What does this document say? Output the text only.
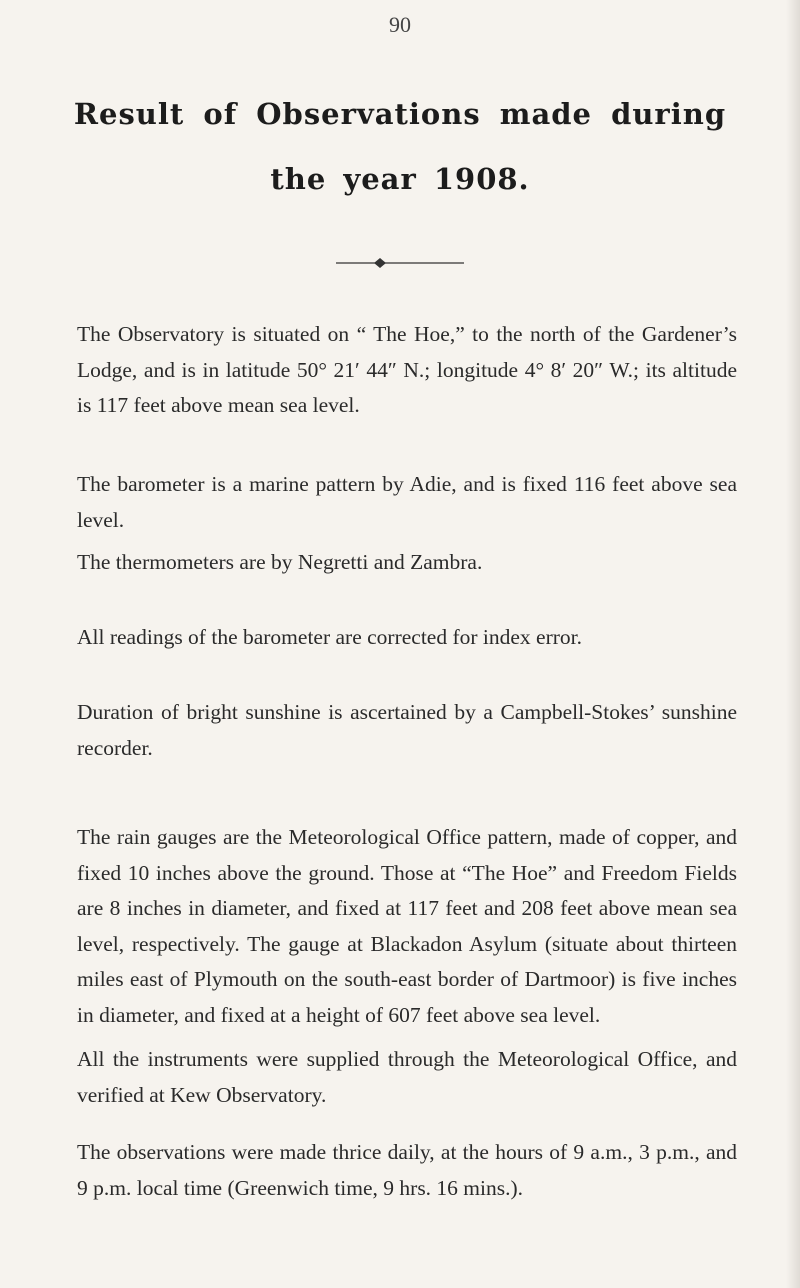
90
Result of Observations made during
the year 1908.

The Observatory is situated on “ The Hoe,” to the north of the Gardener’s Lodge, and is in latitude 50° 21′ 44″ N.; longitude 4° 8′ 20″ W.; its altitude is 117 feet above mean sea level.

The barometer is a marine pattern by Adie, and is fixed 116 feet above sea level.

The thermometers are by Negretti and Zambra.

All readings of the barometer are corrected for index error.

Duration of bright sunshine is ascertained by a Campbell-Stokes’ sunshine recorder.

The rain gauges are the Meteorological Office pattern, made of copper, and fixed 10 inches above the ground. Those at “The Hoe” and Freedom Fields are 8 inches in diameter, and fixed at 117 feet and 208 feet above mean sea level, respectively. The gauge at Blackadon Asylum (situate about thirteen miles east of Plymouth on the south-east border of Dartmoor) is five inches in diameter, and fixed at a height of 607 feet above sea level.

All the instruments were supplied through the Meteorological Office, and verified at Kew Observatory.

The observations were made thrice daily, at the hours of 9 a.m., 3 p.m., and 9 p.m. local time (Greenwich time, 9 hrs. 16 mins.).
